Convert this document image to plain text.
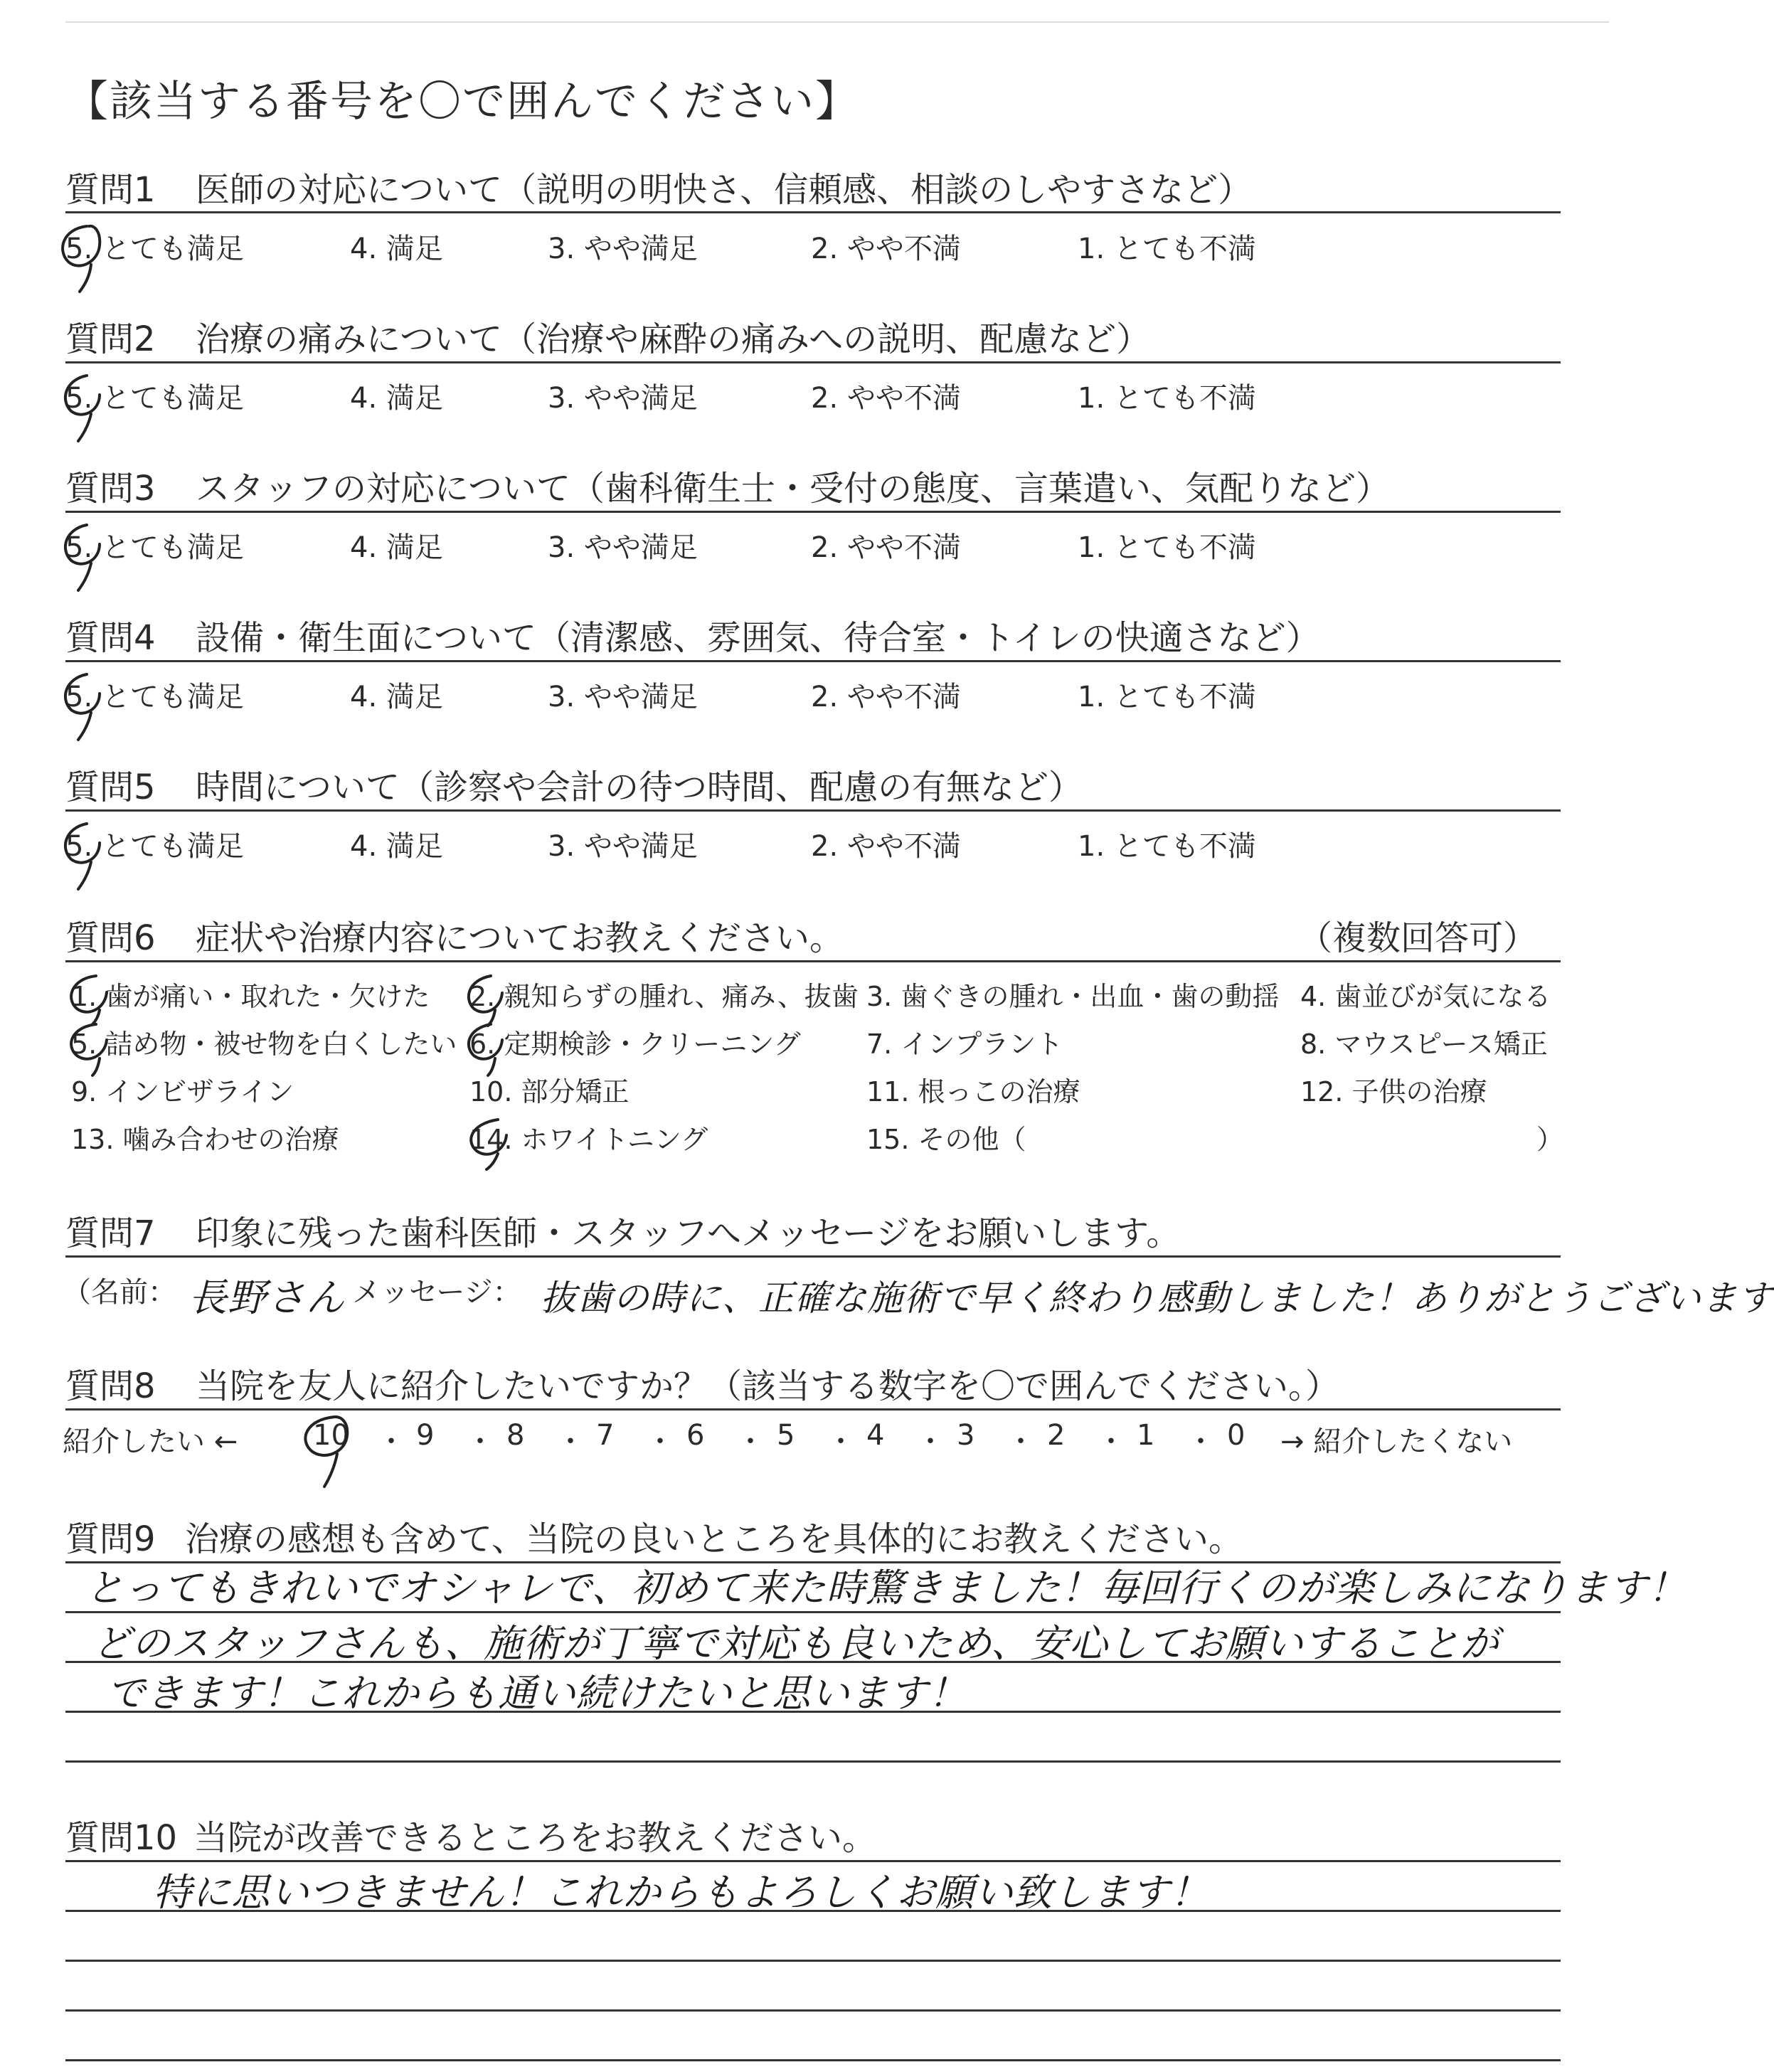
【該当する番号を〇で囲んでください】
質問1 医師の対応について（説明の明快さ、信頼感、相談のしやすさなど）
5. とても満足	4. 満足	3. やや満足	2. やや不満	1. とても不満
質問2 治療の痛みについて（治療や麻酔の痛みへの説明、配慮など）
5. とても満足	4. 満足	3. やや満足	2. やや不満	1. とても不満
質問3 スタッフの対応について（歯科衛生士・受付の態度、言葉遣い、気配りなど）
5. とても満足	4. 満足	3. やや満足	2. やや不満	1. とても不満
質問4 設備・衛生面について（清潔感、雰囲気、待合室・トイレの快適さなど）
5. とても満足	4. 満足	3. やや満足	2. やや不満	1. とても不満
質問5 時間について（診察や会計の待つ時間、配慮の有無など）
5. とても満足	4. 満足	3. やや満足	2. やや不満	1. とても不満
質問6 症状や治療内容についてお教えください。	（複数回答可）
1. 歯が痛い・取れた・欠けた 2. 親知らずの腫れ、痛み、抜歯 3. 歯ぐきの腫れ・出血・歯の動揺 4. 歯並びが気になる
5. 詰め物・被せ物を白くしたい 6. 定期検診・クリーニング 7. インプラント	8. マウスピース矯正
9. インビザライン	10. 部分矯正	11. 根っこの治療	12. 子供の治療
13. 噛み合わせの治療	14. ホワイトニング	15. その他（	）
質問7 印象に残った歯科医師・スタッフへメッセージをお願いします。
（名前： 長野さん メッセージ： 抜歯の時に、正確な施術で早く終わり感動しました！ありがとうございます
質問8 当院を友人に紹介したいですか？（該当する数字を〇で囲んでください。）
紹介したい ←	10 ・ 9 ・ 8 ・ 7 ・ 6 ・ 5 ・ 4 ・ 3 ・ 2 ・ 1 ・ 0 → 紹介したくない
質問9 治療の感想も含めて、当院の良いところを具体的にお教えください。
とってもきれいでオシャレで、初めて来た時驚きました！毎回行くのが楽しみになります！
どのスタッフさんも、施術が丁寧で対応も良いため、安心してお願いすることが
できます！これからも通い続けたいと思います！
質問10 当院が改善できるところをお教えください。
特に思いつきません！これからもよろしくお願い致します！
